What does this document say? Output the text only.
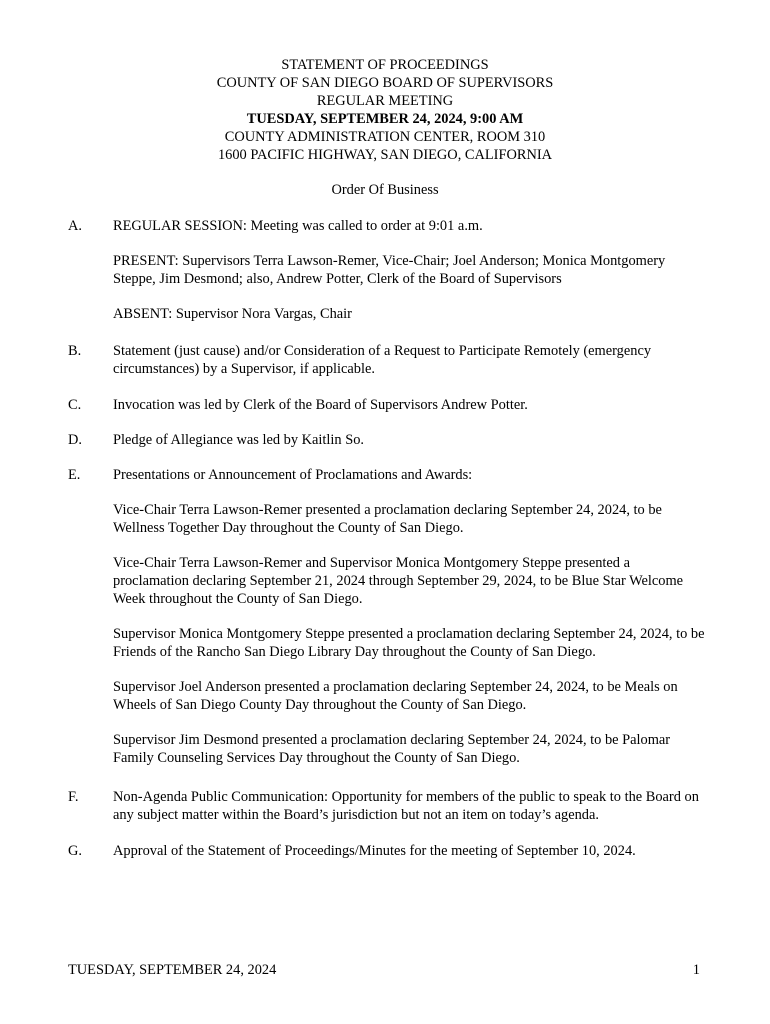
STATEMENT OF PROCEEDINGS
COUNTY OF SAN DIEGO BOARD OF SUPERVISORS
REGULAR MEETING
TUESDAY, SEPTEMBER 24, 2024, 9:00 AM
COUNTY ADMINISTRATION CENTER, ROOM 310
1600 PACIFIC HIGHWAY, SAN DIEGO, CALIFORNIA
Order Of Business
A.	REGULAR SESSION: Meeting was called to order at 9:01 a.m.

PRESENT: Supervisors Terra Lawson-Remer, Vice-Chair; Joel Anderson; Monica Montgomery Steppe, Jim Desmond; also, Andrew Potter, Clerk of the Board of Supervisors

ABSENT: Supervisor Nora Vargas, Chair

B.	Statement (just cause) and/or Consideration of a Request to Participate Remotely (emergency circumstances) by a Supervisor, if applicable.

C.	Invocation was led by Clerk of the Board of Supervisors Andrew Potter.

D.	Pledge of Allegiance was led by Kaitlin So.

E.	Presentations or Announcement of Proclamations and Awards:

Vice-Chair Terra Lawson-Remer presented a proclamation declaring September 24, 2024, to be Wellness Together Day throughout the County of San Diego.

Vice-Chair Terra Lawson-Remer and Supervisor Monica Montgomery Steppe presented a proclamation declaring September 21, 2024 through September 29, 2024, to be Blue Star Welcome Week throughout the County of San Diego.

Supervisor Monica Montgomery Steppe presented a proclamation declaring September 24, 2024, to be Friends of the Rancho San Diego Library Day throughout the County of San Diego.

Supervisor Joel Anderson presented a proclamation declaring September 24, 2024, to be Meals on Wheels of San Diego County Day throughout the County of San Diego.

Supervisor Jim Desmond presented a proclamation declaring September 24, 2024, to be Palomar Family Counseling Services Day throughout the County of San Diego.

F.	Non-Agenda Public Communication: Opportunity for members of the public to speak to the Board on any subject matter within the Board’s jurisdiction but not an item on today’s agenda.

G.	Approval of the Statement of Proceedings/Minutes for the meeting of September 10, 2024.

TUESDAY, SEPTEMBER 24, 2024	1
